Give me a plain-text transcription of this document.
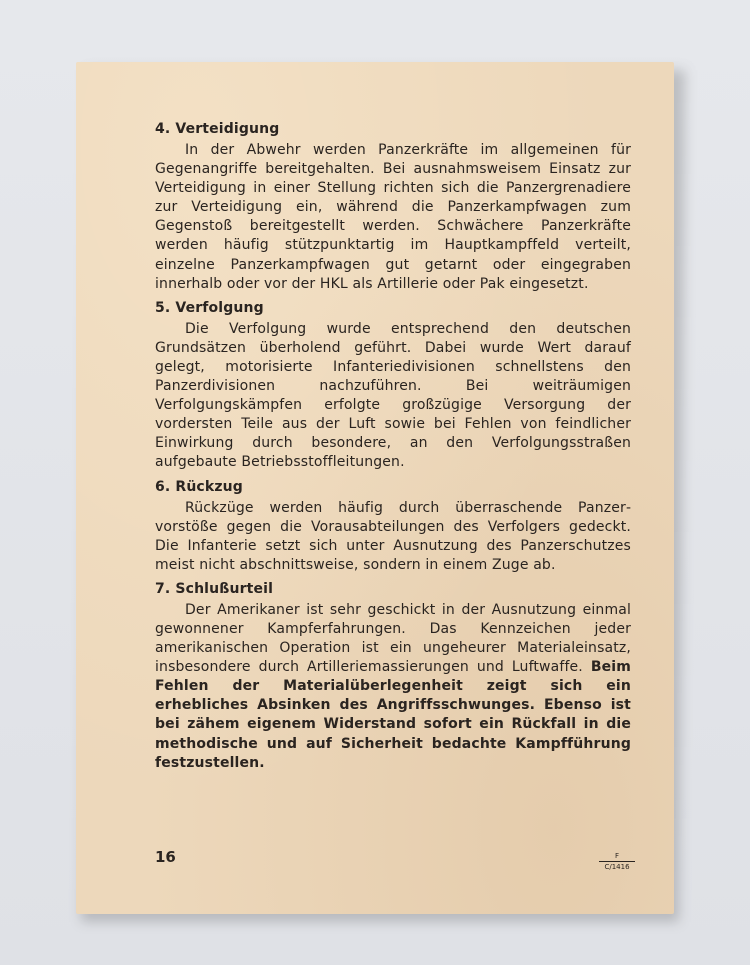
4. Verteidigung

In der Abwehr werden Panzerkräfte im allgemeinen für Gegenangriffe bereitgehalten. Bei ausnahmsweisem Einsatz zur Verteidigung in einer Stellung richten sich die Panzergrenadiere zur Verteidigung ein, während die Panzerkampfwagen zum Gegenstoß bereitgestellt werden. Schwächere Panzerkräfte werden häufig stützpunktartig im Hauptkampffeld verteilt, einzelne Panzerkampfwagen gut getarnt oder eingegraben innerhalb oder vor der HKL als Artillerie oder Pak eingesetzt.

5. Verfolgung

Die Verfolgung wurde entsprechend den deutschen Grundsätzen überholend geführt. Dabei wurde Wert darauf gelegt, motorisierte Infanteriedivisionen schnellstens den Panzerdivisionen nachzuführen. Bei weiträumigen Verfolgungskämpfen erfolgte großzügige Versorgung der vordersten Teile aus der Luft sowie bei Fehlen von feindlicher Einwirkung durch besondere, an den Verfolgungsstraßen aufgebaute Betriebsstoffleitungen.

6. Rückzug

Rückzüge werden häufig durch überraschende Panzervorstöße gegen die Vorausabteilungen des Verfolgers gedeckt. Die Infanterie setzt sich unter Ausnutzung des Panzerschutzes meist nicht abschnittsweise, sondern in einem Zuge ab.

7. Schlußurteil

Der Amerikaner ist sehr geschickt in der Ausnutzung einmal gewonnener Kampferfahrungen. Das Kennzeichen jeder amerikanischen Operation ist ein ungeheurer Materialeinsatz, insbesondere durch Artilleriemassierungen und Luftwaffe. Beim Fehlen der Materialüberlegenheit zeigt sich ein erhebliches Absinken des Angriffsschwunges. Ebenso ist bei zähem eigenem Widerstand sofort ein Rückfall in die methodische und auf Sicherheit bedachte Kampfführung festzustellen.

16	F
C/1416
